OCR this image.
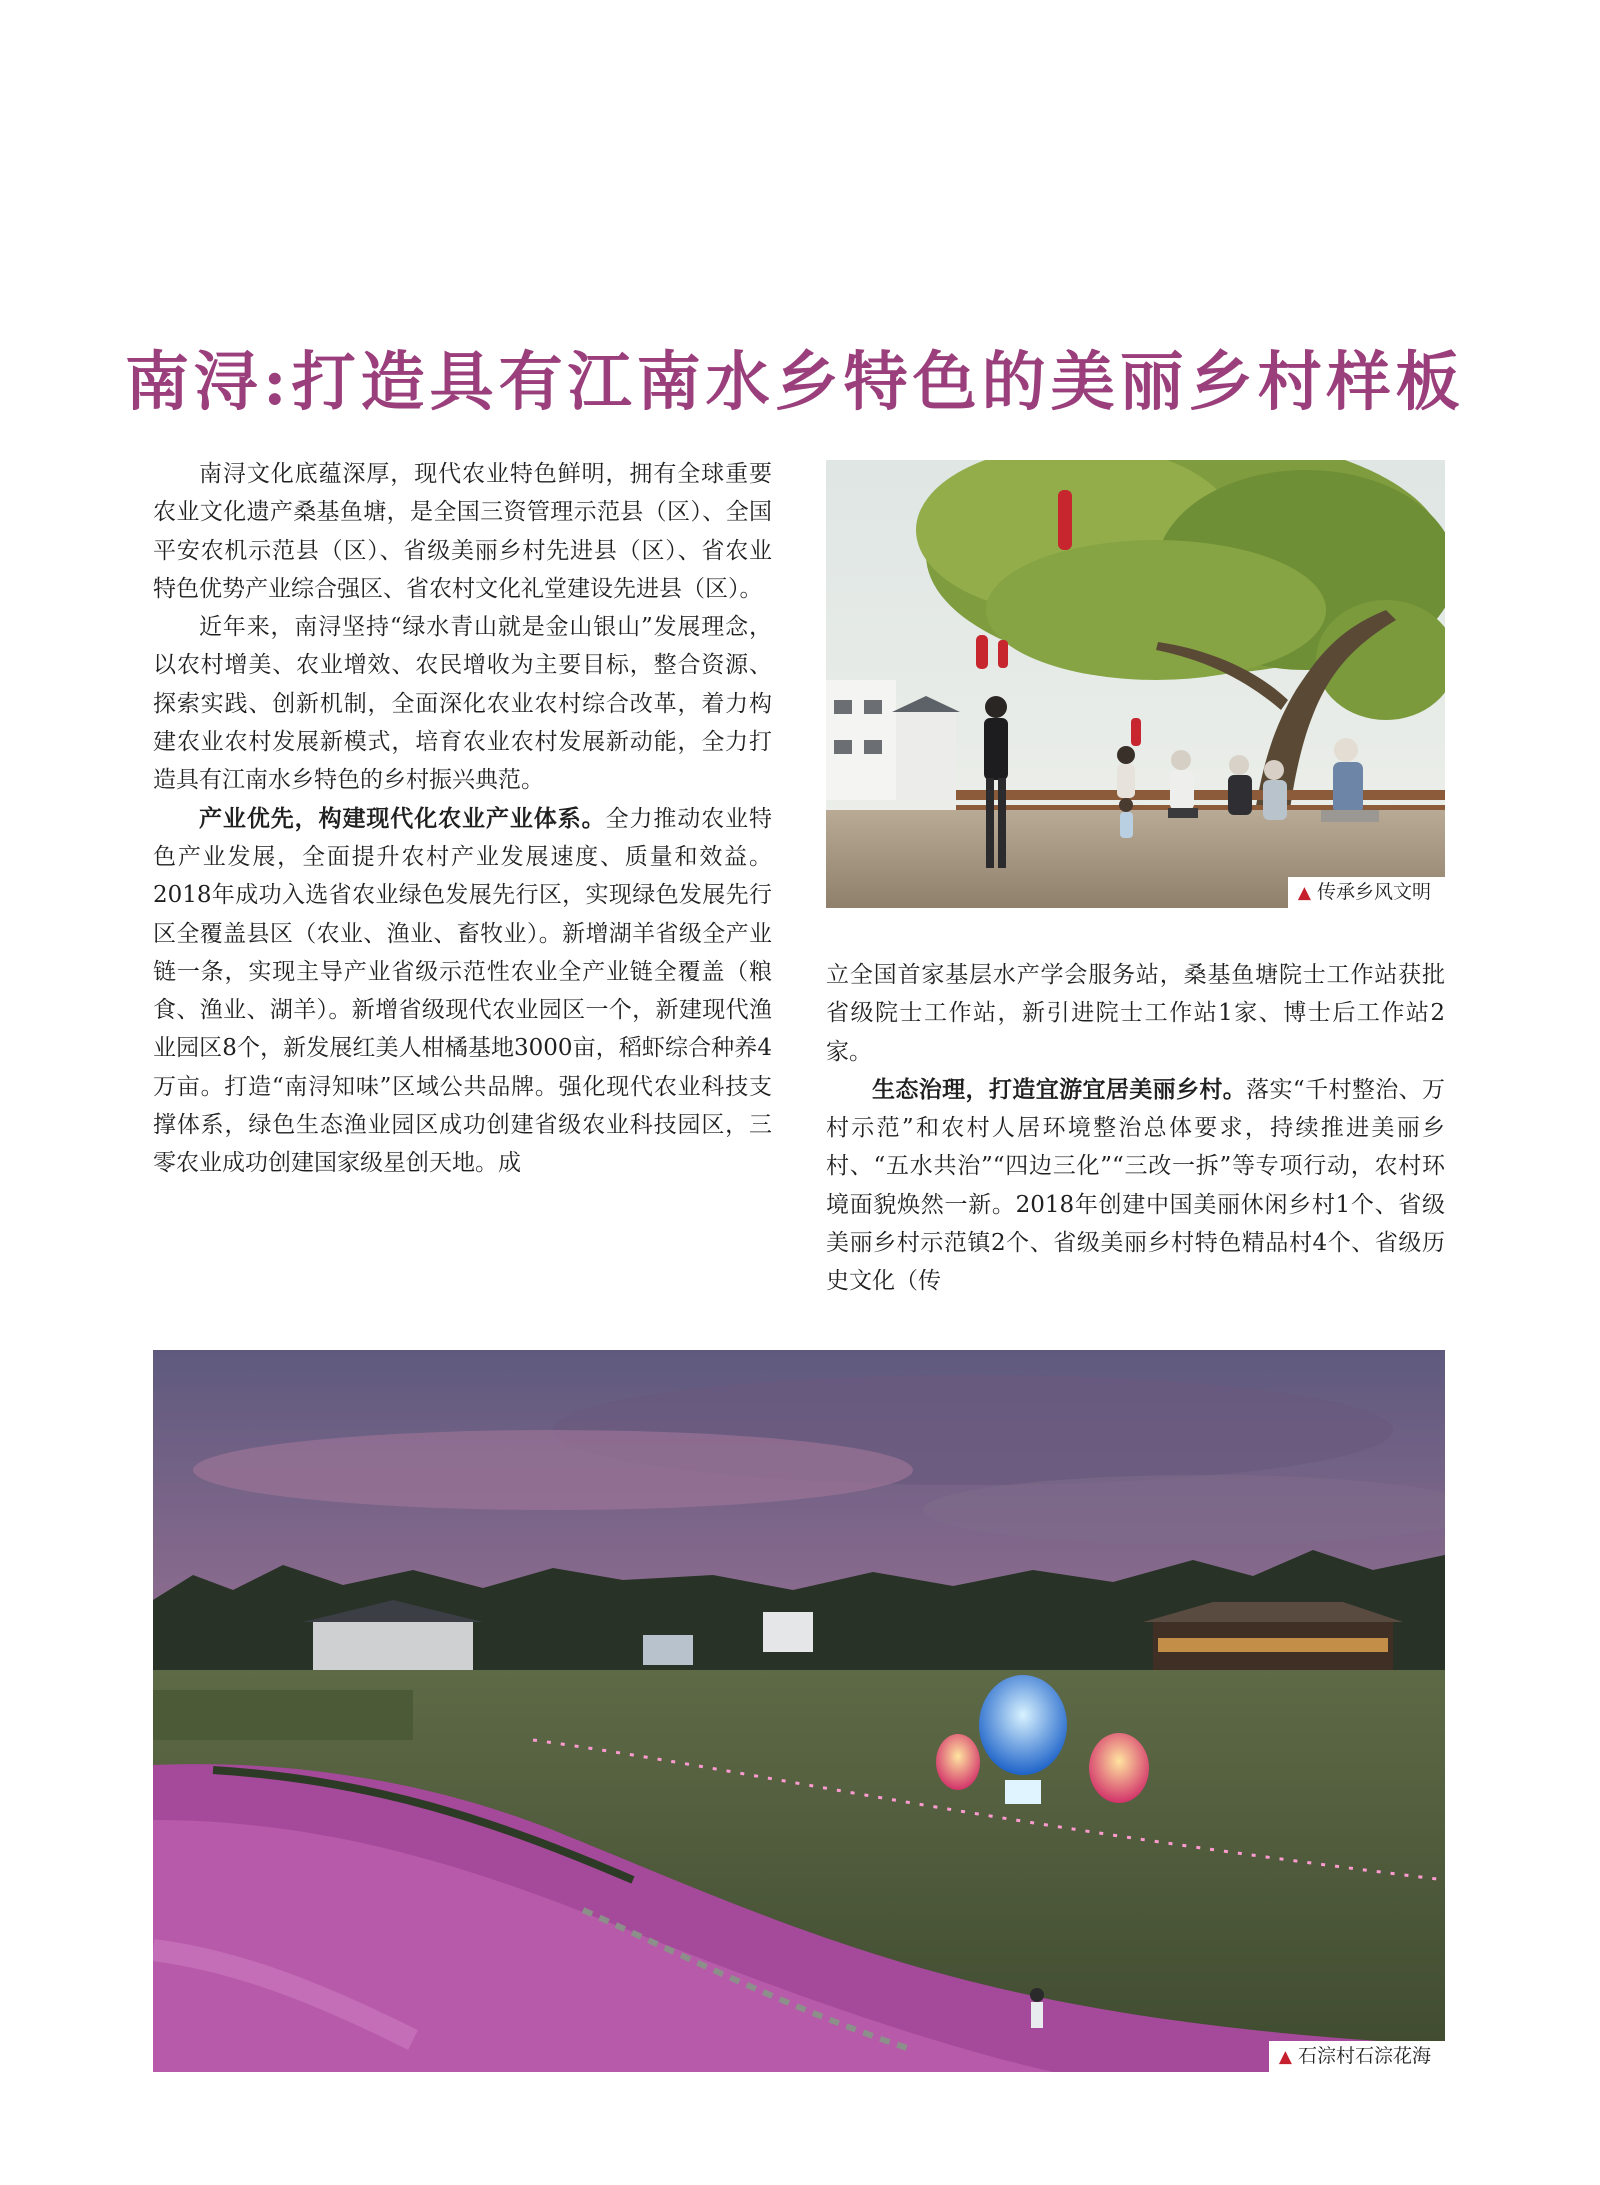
南浔:打造具有江南水乡特色的美丽乡村样板

南浔文化底蕴深厚，现代农业特色鲜明，拥有全球重要农业文化遗产桑基鱼塘，是全国三资管理示范县（区）、全国平安农机示范县（区）、省级美丽乡村先进县（区）、省农业特色优势产业综合强区、省农村文化礼堂建设先进县（区）。

近年来，南浔坚持“绿水青山就是金山银山”发展理念，以农村增美、农业增效、农民增收为主要目标，整合资源、探索实践、创新机制，全面深化农业农村综合改革，着力构建农业农村发展新模式，培育农业农村发展新动能，全力打造具有江南水乡特色的乡村振兴典范。

产业优先，构建现代化农业产业体系。全力推动农业特色产业发展，全面提升农村产业发展速度、质量和效益。2018年成功入选省农业绿色发展先行区，实现绿色发展先行区全覆盖县区（农业、渔业、畜牧业）。新增湖羊省级全产业链一条，实现主导产业省级示范性农业全产业链全覆盖（粮食、渔业、湖羊）。新增省级现代农业园区一个，新建现代渔业园区8个，新发展红美人柑橘基地3000亩，稻虾综合种养4万亩。打造“南浔知味”区域公共品牌。强化现代农业科技支撑体系，绿色生态渔业园区成功创建省级农业科技园区，三零农业成功创建国家级星创天地。成

▲ 传承乡风文明

立全国首家基层水产学会服务站，桑基鱼塘院士工作站获批省级院士工作站，新引进院士工作站1家、博士后工作站2家。

生态治理，打造宜游宜居美丽乡村。落实“千村整治、万村示范”和农村人居环境整治总体要求，持续推进美丽乡村、“五水共治”“四边三化”“三改一拆”等专项行动，农村环境面貌焕然一新。2018年创建中国美丽休闲乡村1个、省级美丽乡村示范镇2个、省级美丽乡村特色精品村4个、省级历史文化（传

▲ 石淙村石淙花海
